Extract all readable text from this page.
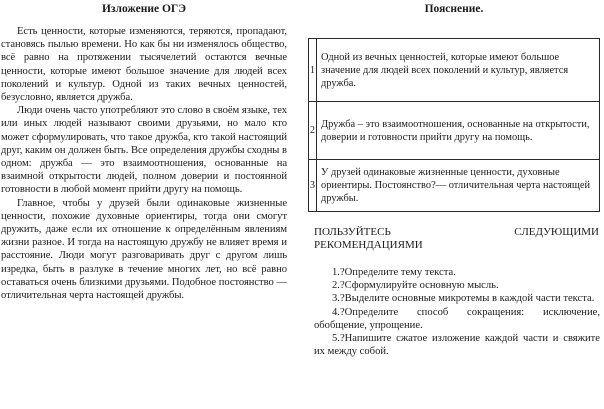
Изложение ОГЭ

Есть ценности, которые изменяются, теряются, пропадают, становясь пылью времени. Но как бы ни изменялось общество, всё равно на протяжении тысячелетий остаются вечные ценности, которые имеют большое значение для людей всех поколений и культур. Одной из таких вечных ценностей, безусловно, является дружба.

Люди очень часто употребляют это слово в своём языке, тех или иных людей называют своими друзьями, но мало кто может сформулировать, что такое дружба, кто такой настоящий друг, каким он должен быть. Все определения дружбы сходны в одном: дружба — это взаимоотношения, основанные на взаимной открытости людей, полном доверии и постоянной готовности в любой момент прийти другу на помощь.

Главное, чтобы у друзей были одинаковые жизненные ценности, похожие духовные ориентиры, тогда они смогут дружить, даже если их отношение к определённым явлениям жизни разное. И тогда на настоящую дружбу не влияет время и расстояние. Люди могут разговаривать друг с другом лишь изредка, быть в разлуке в течение многих лет, но всё равно оставаться очень близкими друзьями. Подобное постоянство — отличительная черта настоящей дружбы.

Пояснение.
1	Одной из вечных ценностей, которые имеют большое значение для людей всех поколений и культур, является дружба.
2	Дружба – это взаимоотношения, основанные на открытости, доверии и готовности прийти другу на помощь.
3	У друзей одинаковые жизненные ценности, духовные ориентиры. Постоянство?— отличительная черта настоящей дружбы.
ПОЛЬЗУЙТЕСЬ	СЛЕДУЮЩИМИ
РЕКОМЕНДАЦИЯМИ

1.?Определите тему текста.

2.?Сформулируйте основную мысль.

3.?Выделите основные микротемы в каждой части текста.

4.?Определите способ сокращения: исключение, обобщение, упрощение.

5.?Напишите сжатое изложение каждой части и свяжите их между собой.
